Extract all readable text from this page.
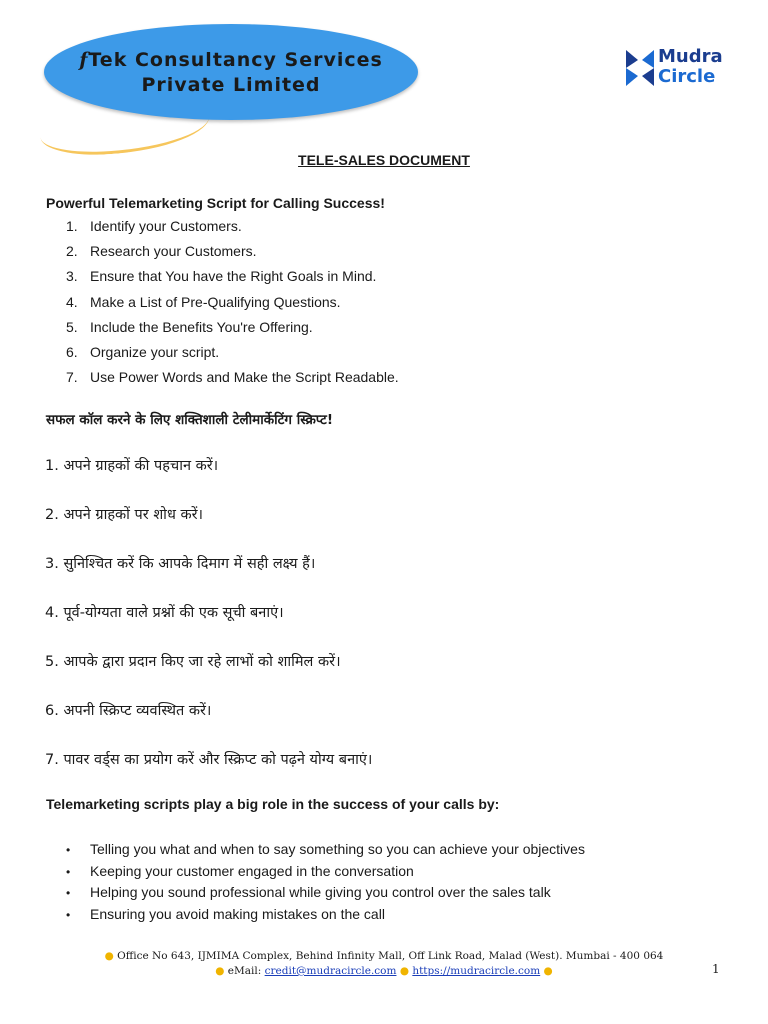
fTek Consultancy Services
Private Limited
Mudra
Circle
TELE-SALES DOCUMENT
Powerful Telemarketing Script for Calling Success!
1. Identify your Customers.
2. Research your Customers.
3. Ensure that You have the Right Goals in Mind.
4. Make a List of Pre-Qualifying Questions.
5. Include the Benefits You're Offering.
6. Organize your script.
7. Use Power Words and Make the Script Readable.
सफल कॉल करने के लिए शक्तिशाली टेलीमार्केटिंग स्क्रिप्ट!
1. अपने ग्राहकों की पहचान करें।
2. अपने ग्राहकों पर शोध करें।
3. सुनिश्चित करें कि आपके दिमाग में सही लक्ष्य हैं।
4. पूर्व-योग्यता वाले प्रश्नों की एक सूची बनाएं।
5. आपके द्वारा प्रदान किए जा रहे लाभों को शामिल करें।
6. अपनी स्क्रिप्ट व्यवस्थित करें।
7. पावर वर्ड्स का प्रयोग करें और स्क्रिप्ट को पढ़ने योग्य बनाएं।
Telemarketing scripts play a big role in the success of your calls by:
• Telling you what and when to say something so you can achieve your objectives
• Keeping your customer engaged in the conversation
• Helping you sound professional while giving you control over the sales talk
• Ensuring you avoid making mistakes on the call
● Office No 643, IJMIMA Complex, Behind Infinity Mall, Off Link Road, Malad (West). Mumbai - 400 064
● eMail: credit@mudracircle.com ● https://mudracircle.com ●	1
